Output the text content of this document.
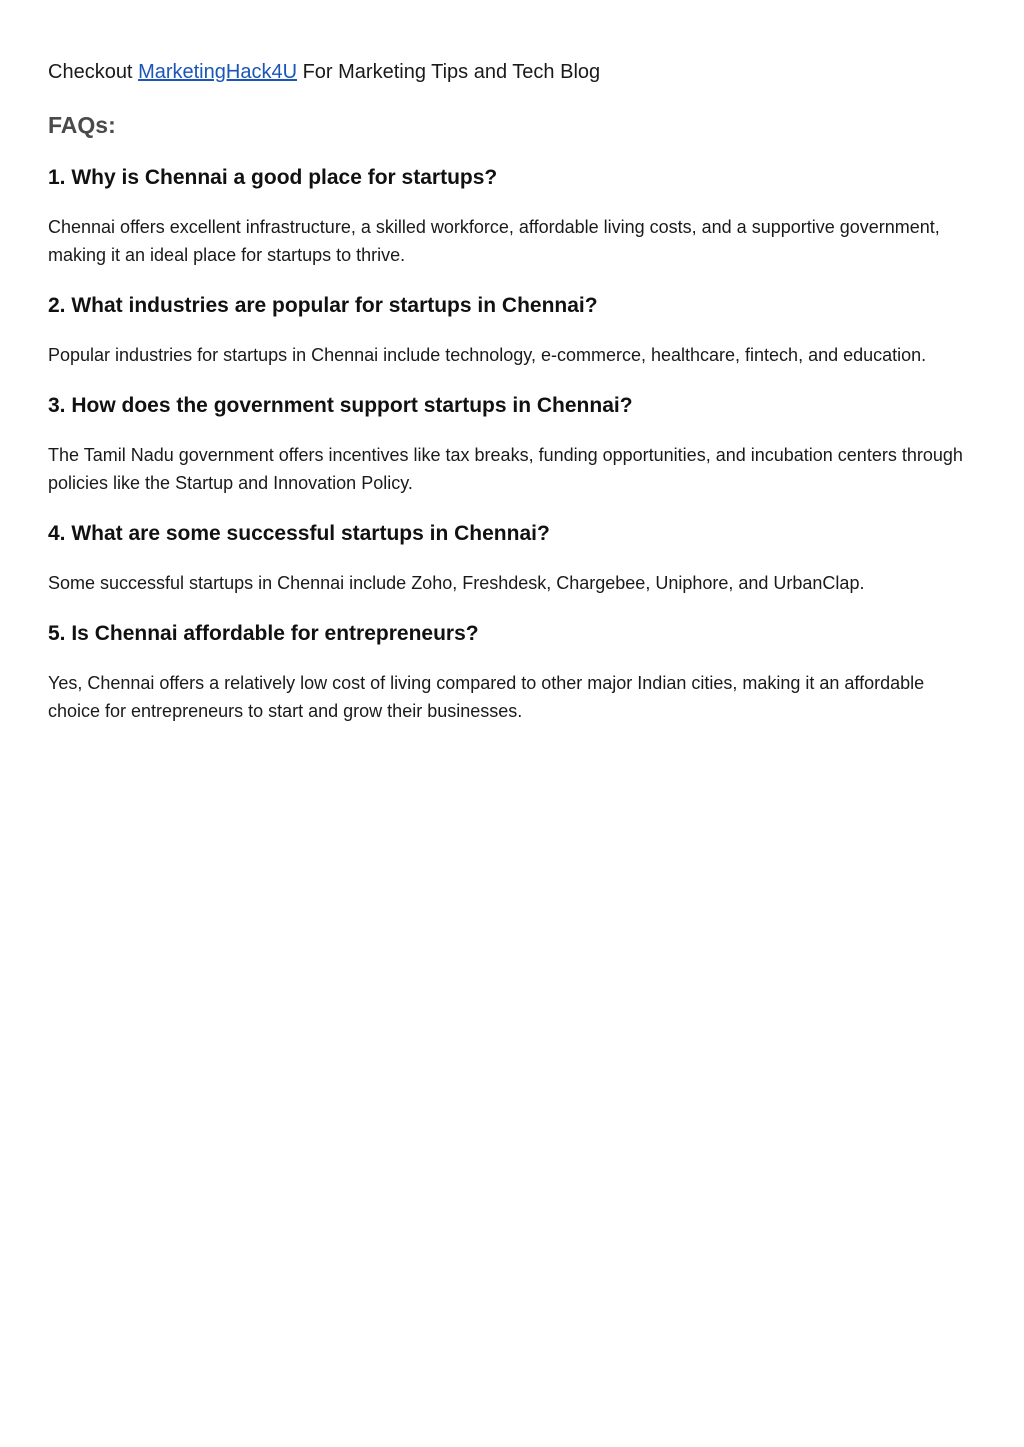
Checkout MarketingHack4U For Marketing Tips and Tech Blog

FAQs:
1. Why is Chennai a good place for startups?

Chennai offers excellent infrastructure, a skilled workforce, affordable living costs, and a supportive government, making it an ideal place for startups to thrive.

2. What industries are popular for startups in Chennai?

Popular industries for startups in Chennai include technology, e-commerce, healthcare, fintech, and education.

3. How does the government support startups in Chennai?

The Tamil Nadu government offers incentives like tax breaks, funding opportunities, and incubation centers through policies like the Startup and Innovation Policy.

4. What are some successful startups in Chennai?

Some successful startups in Chennai include Zoho, Freshdesk, Chargebee, Uniphore, and UrbanClap.

5. Is Chennai affordable for entrepreneurs?

Yes, Chennai offers a relatively low cost of living compared to other major Indian cities, making it an affordable choice for entrepreneurs to start and grow their businesses.
